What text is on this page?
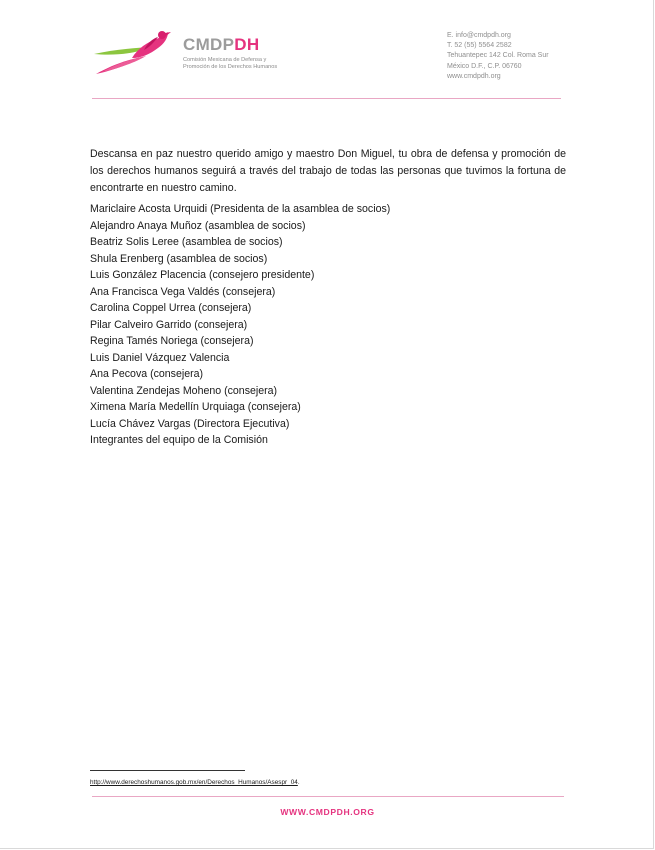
CMDPDH
Comisión Mexicana de Defensa y
Promoción de los Derechos Humanos
E. info@cmdpdh.org
T. 52 (55) 5564 2582
Tehuantepec 142 Col. Roma Sur
México D.F., C.P. 06760
www.cmdpdh.org

Descansa en paz nuestro querido amigo y maestro Don Miguel, tu obra de defensa y promoción de los derechos humanos seguirá a través del trabajo de todas las personas que tuvimos la fortuna de encontrarte en nuestro camino.

Mariclaire Acosta Urquidi (Presidenta de la asamblea de socios)
Alejandro Anaya Muñoz (asamblea de socios)
Beatriz Solis Leree (asamblea de socios)
Shula Erenberg (asamblea de socios)
Luis González Placencia (consejero presidente)
Ana Francisca Vega Valdés (consejera)
Carolina Coppel Urrea (consejera)
Pilar Calveiro Garrido (consejera)
Regina Tamés Noriega (consejera)
Luis Daniel Vázquez Valencia
Ana Pecova (consejera)
Valentina Zendejas Moheno (consejera)
Ximena María Medellín Urquiaga (consejera)
Lucía Chávez Vargas (Directora Ejecutiva)
Integrantes del equipo de la Comisión
http://www.derechoshumanos.gob.mx/en/Derechos_Humanos/Asespr_04.
WWW.CMDPDH.ORG
